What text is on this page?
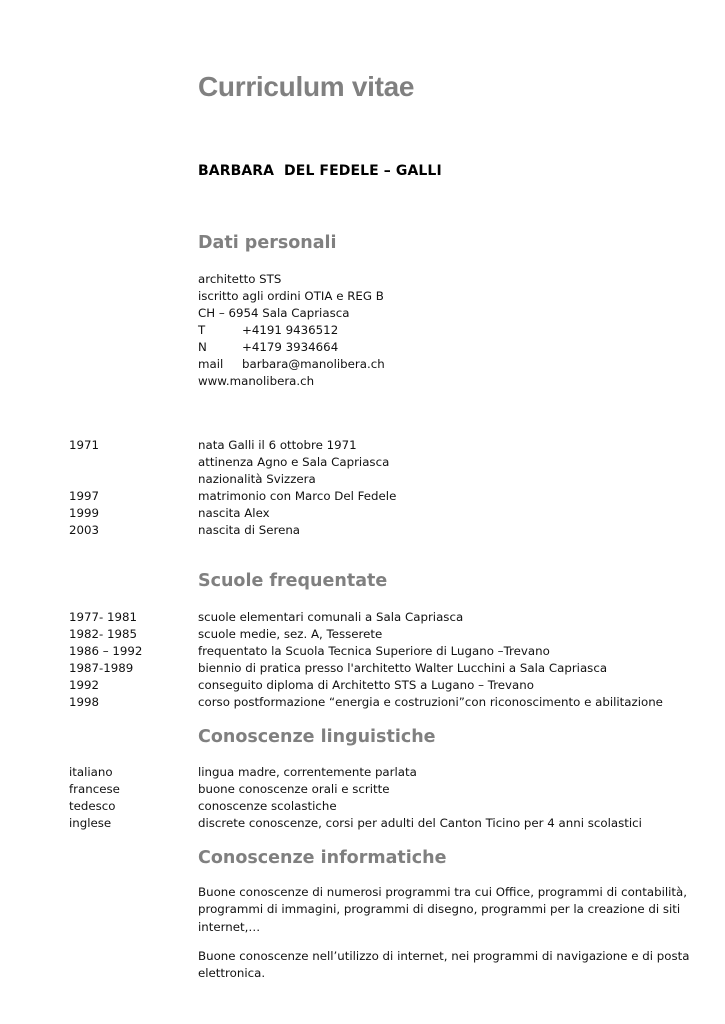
Curriculum vitae
BARBARA  DEL FEDELE – GALLI
Dati personali
architetto STS
iscritto agli ordini OTIA e REG B
CH – 6954 Sala Capriasca
T	+4191 9436512
N	+4179 3934664
mail	barbara@manolibera.ch
www.manolibera.ch
1971	nata Galli il 6 ottobre 1971
attinenza Agno e Sala Capriasca
nazionalità Svizzera
1997	matrimonio con Marco Del Fedele
1999	nascita Alex
2003	nascita di Serena
Scuole frequentate
1977- 1981	scuole elementari comunali a Sala Capriasca
1982- 1985	scuole medie, sez. A, Tesserete
1986 – 1992	frequentato la Scuola Tecnica Superiore di Lugano –Trevano
1987-1989	biennio di pratica presso l'architetto Walter Lucchini a Sala Capriasca
1992	conseguito diploma di Architetto STS a Lugano – Trevano
1998	corso postformazione “energia e costruzioni”con riconoscimento e abilitazione
Conoscenze linguistiche
italiano	lingua madre, correntemente parlata
francese	buone conoscenze orali e scritte
tedesco	conoscenze scolastiche
inglese	discrete conoscenze, corsi per adulti del Canton Ticino per 4 anni scolastici
Conoscenze informatiche

Buone conoscenze di numerosi programmi tra cui Office, programmi di contabilità, programmi di immagini, programmi di disegno, programmi per la creazione di siti internet,…

Buone conoscenze nell’utilizzo di internet, nei programmi di navigazione e di posta elettronica.
